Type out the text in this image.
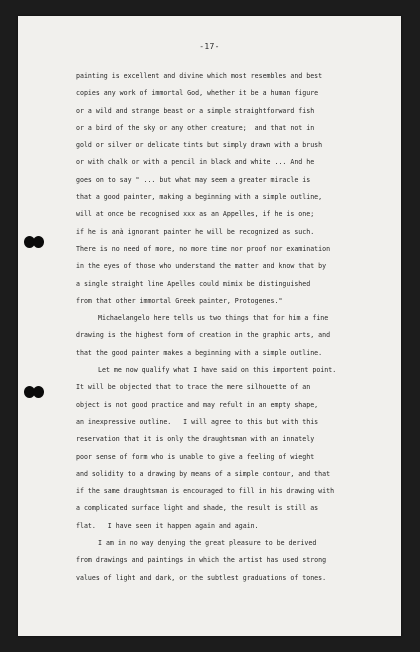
-17-
painting is excellent and divine which most resembles and best
copies any work of immortal God, whether it be a human figure
or a wild and strange beast or a simple straightforward fish
or a bird of the sky or any other creature;  and that not in
gold or silver or delicate tints but simply drawn with a brush
or with chalk or with a pencil in black and white ... And he
goes on to say " ... but what may seem a greater miracle is
that a good painter, making a beginning with a simple outline,
will at once be recognised xxx as an Appelles, if he is one;
if he is anà ignorant painter he will be recognized as such.
There is no need of more, no more time nor proof nor examination
in the eyes of those who understand the matter and know that by
a single straight line Apelles could mimix be distinguished
from that other immortal Greek painter, Protogenes."
Michaelangelo here tells us two things that for him a fine
drawing is the highest form of creation in the graphic arts, and
that the good painter makes a beginning with a simple outline.
Let me now qualify what I have said on this importent point.
It will be objected that to trace the mere silhouette of an
object is not good practice and may refult in an empty shape,
an inexpressive outline.   I will agree to this but with this
reservation that it is only the draughtsman with an innately
poor sense of form who is unable to give a feeling of wieght
and solidity to a drawing by means of a simple contour, and that
if the same draughtsman is encouraged to fill in his drawing with
a complicated surface light and shade, the result is still as
flat.   I have seen it happen again and again.
I am in no way denying the great pleasure to be derived
from drawings and paintings in which the artist has used strong
values of light and dark, or the subtlest graduations of tones.
